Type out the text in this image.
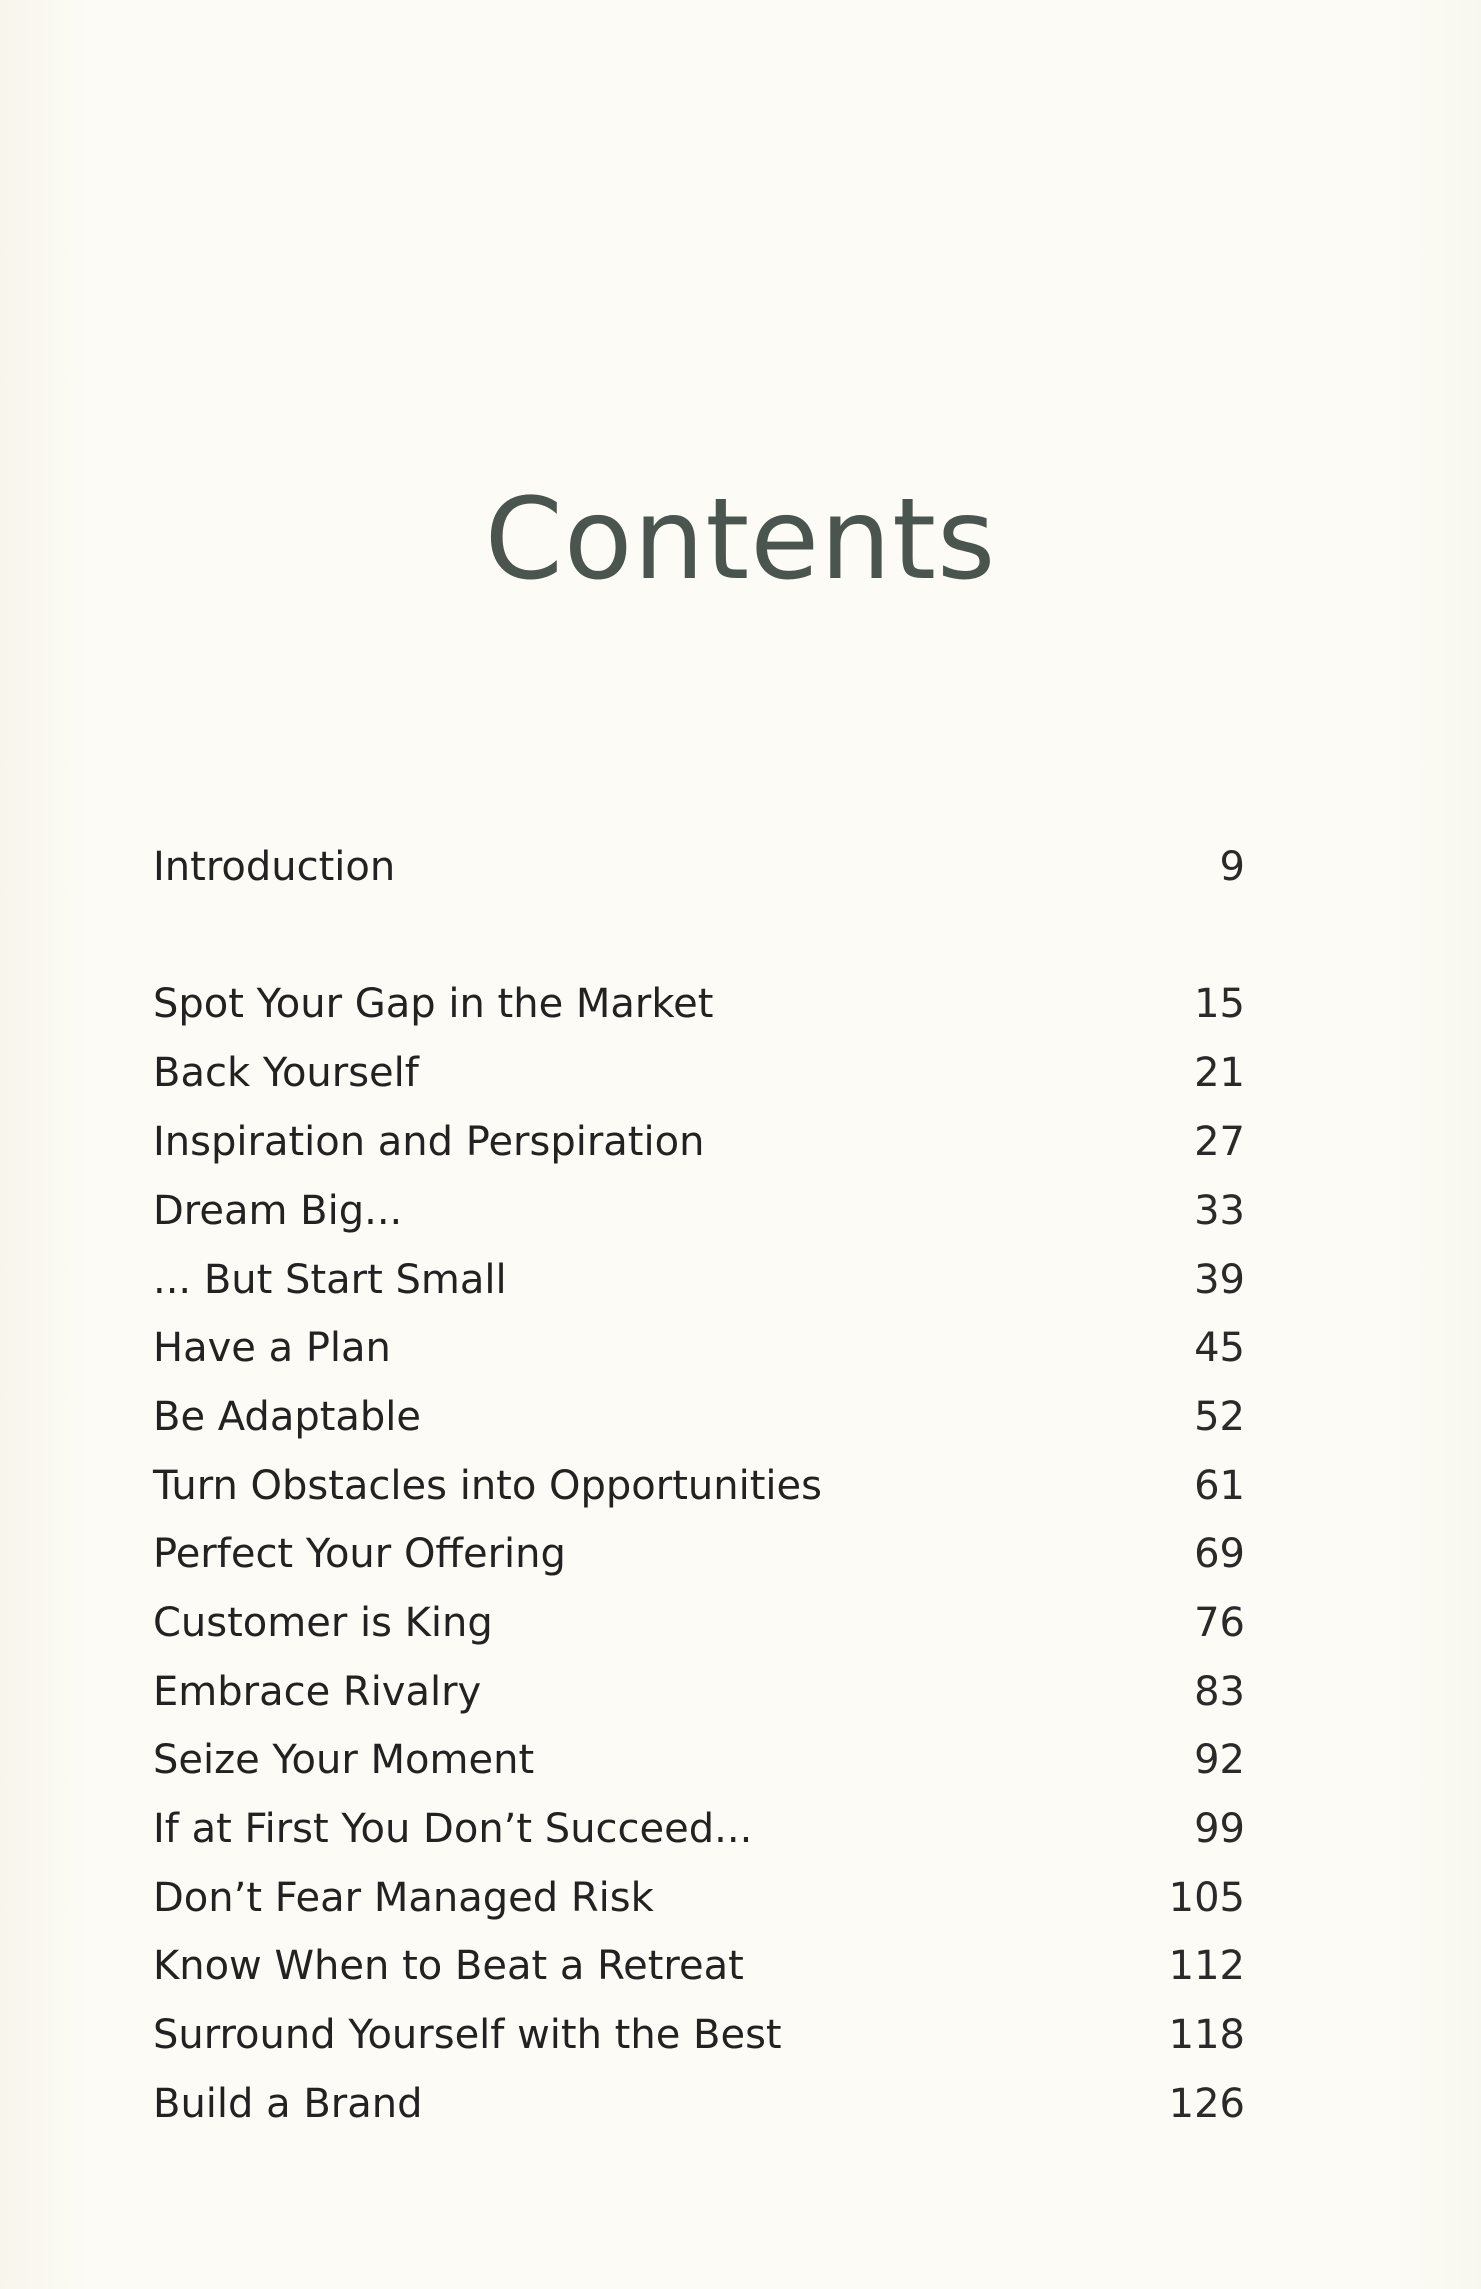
Contents
Introduction	9
Spot Your Gap in the Market	15
Back Yourself	21
Inspiration and Perspiration	27
Dream Big...	33
... But Start Small	39
Have a Plan	45
Be Adaptable	52
Turn Obstacles into Opportunities	61
Perfect Your Offering	69
Customer is King	76
Embrace Rivalry	83
Seize Your Moment	92
If at First You Don’t Succeed...	99
Don’t Fear Managed Risk	105
Know When to Beat a Retreat	112
Surround Yourself with the Best	118
Build a Brand	126
